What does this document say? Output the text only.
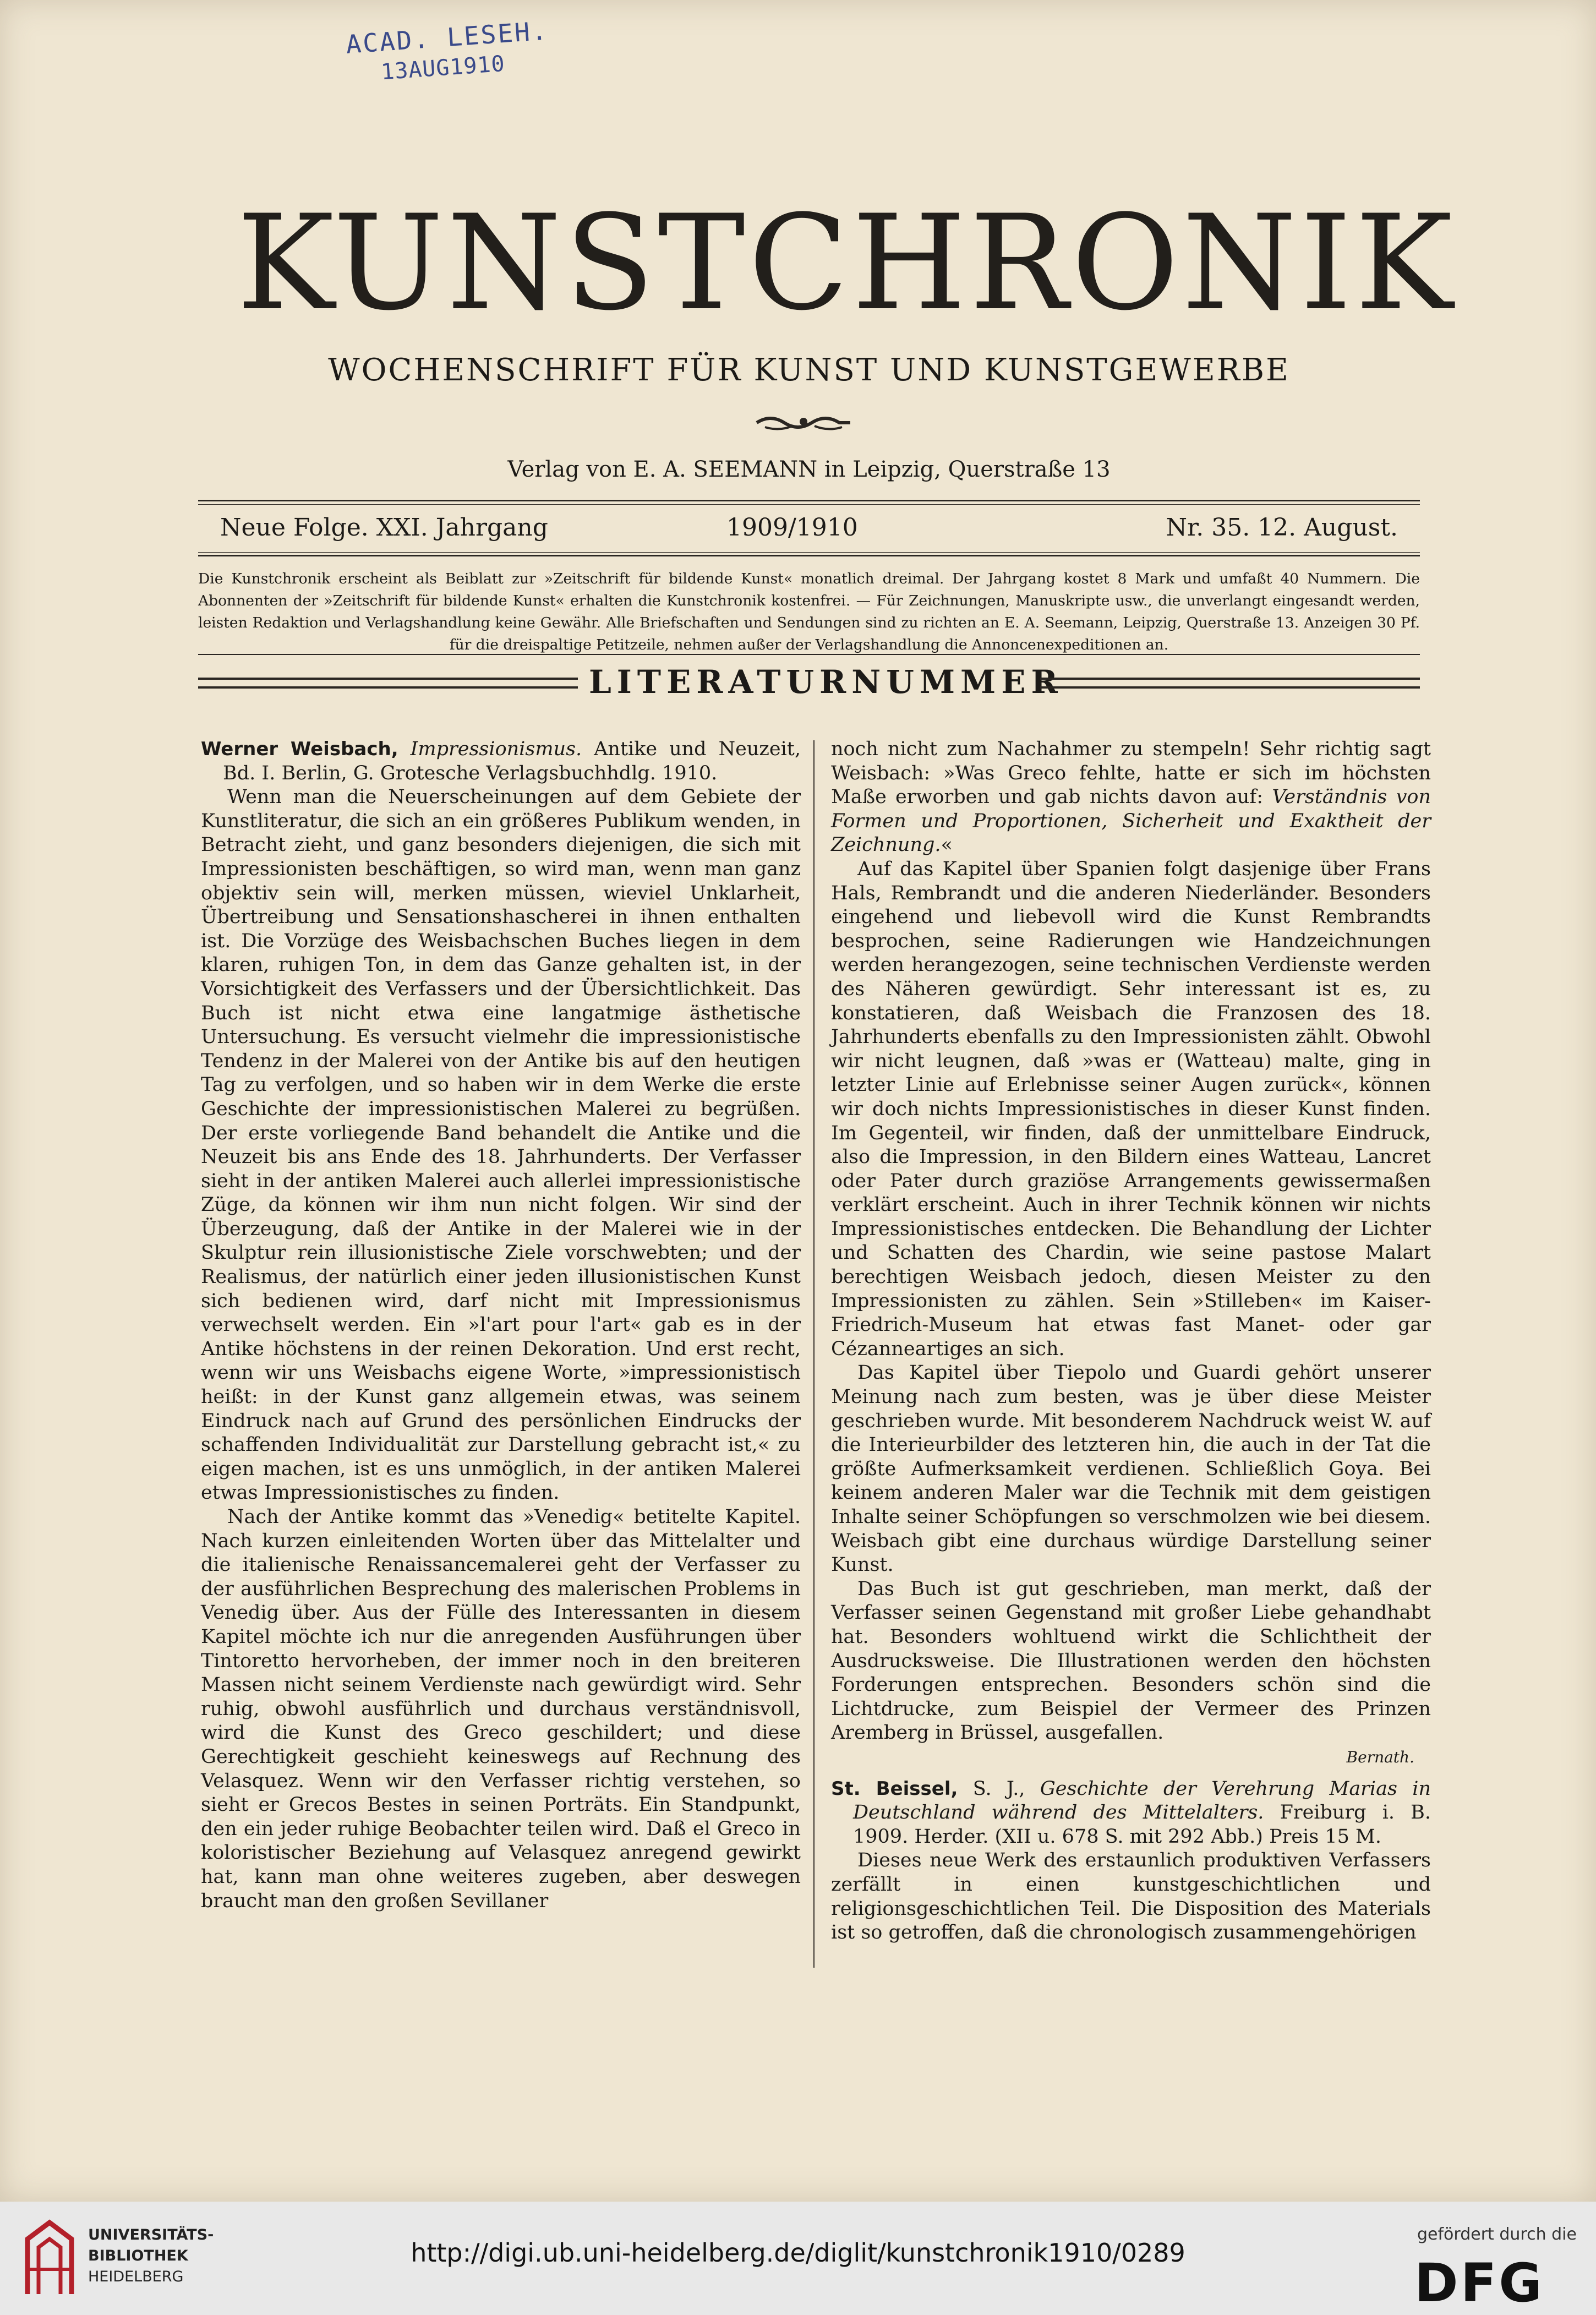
ACAD. LESEH.
13AUG1910
KUNSTCHRONIK
WOCHENSCHRIFT FÜR KUNST UND KUNSTGEWERBE
Verlag von E. A. SEEMANN in Leipzig, Querstraße 13
Neue Folge. XXI. Jahrgang	1909/1910	Nr. 35. 12. August.
Die Kunstchronik erscheint als Beiblatt zur »Zeitschrift für bildende Kunst« monatlich dreimal. Der Jahrgang kostet 8 Mark und umfaßt 40 Nummern. Die Abonnenten der »Zeitschrift für bildende Kunst« erhalten die Kunstchronik kostenfrei. — Für Zeichnungen, Manuskripte usw., die unverlangt eingesandt werden, leisten Redaktion und Verlagshandlung keine Gewähr. Alle Briefschaften und Sendungen sind zu richten an E. A. Seemann, Leipzig, Querstraße 13. Anzeigen 30 Pf. für die dreispaltige Petitzeile, nehmen außer der Verlagshandlung die Annoncenexpeditionen an.
LITERATURNUMMER

Werner Weisbach, Impressionismus. Antike und Neuzeit, Bd. I. Berlin, G. Grotesche Verlagsbuchhdlg. 1910.

Wenn man die Neuerscheinungen auf dem Gebiete der Kunstliteratur, die sich an ein größeres Publikum wenden, in Betracht zieht, und ganz besonders diejenigen, die sich mit Impressionisten beschäftigen, so wird man, wenn man ganz objektiv sein will, merken müssen, wieviel Unklarheit, Übertreibung und Sensationshascherei in ihnen enthalten ist. Die Vorzüge des Weisbachschen Buches liegen in dem klaren, ruhigen Ton, in dem das Ganze gehalten ist, in der Vorsichtigkeit des Verfassers und der Übersichtlichkeit. Das Buch ist nicht etwa eine langatmige ästhetische Untersuchung. Es versucht vielmehr die impressionistische Tendenz in der Malerei von der Antike bis auf den heutigen Tag zu verfolgen, und so haben wir in dem Werke die erste Geschichte der impressionistischen Malerei zu begrüßen. Der erste vorliegende Band behandelt die Antike und die Neuzeit bis ans Ende des 18. Jahrhunderts. Der Verfasser sieht in der antiken Malerei auch allerlei impressionistische Züge, da können wir ihm nun nicht folgen. Wir sind der Überzeugung, daß der Antike in der Malerei wie in der Skulptur rein illusionistische Ziele vorschwebten; und der Realismus, der natürlich einer jeden illusionistischen Kunst sich bedienen wird, darf nicht mit Impressionismus verwechselt werden. Ein »l'art pour l'art« gab es in der Antike höchstens in der reinen Dekoration. Und erst recht, wenn wir uns Weisbachs eigene Worte, »impressionistisch heißt: in der Kunst ganz allgemein etwas, was seinem Eindruck nach auf Grund des persönlichen Eindrucks der schaffenden Individualität zur Darstellung gebracht ist,« zu eigen machen, ist es uns unmöglich, in der antiken Malerei etwas Impressionistisches zu finden.

Nach der Antike kommt das »Venedig« betitelte Kapitel. Nach kurzen einleitenden Worten über das Mittelalter und die italienische Renaissancemalerei geht der Verfasser zu der ausführlichen Besprechung des malerischen Problems in Venedig über. Aus der Fülle des Interessanten in diesem Kapitel möchte ich nur die anregenden Ausführungen über Tintoretto hervorheben, der immer noch in den breiteren Massen nicht seinem Verdienste nach gewürdigt wird. Sehr ruhig, obwohl ausführlich und durchaus verständnisvoll, wird die Kunst des Greco geschildert; und diese Gerechtigkeit geschieht keineswegs auf Rechnung des Velasquez. Wenn wir den Verfasser richtig verstehen, so sieht er Grecos Bestes in seinen Porträts. Ein Standpunkt, den ein jeder ruhige Beobachter teilen wird. Daß el Greco in koloristischer Beziehung auf Velasquez anregend gewirkt hat, kann man ohne weiteres zugeben, aber deswegen braucht man den großen Sevillaner

noch nicht zum Nachahmer zu stempeln! Sehr richtig sagt Weisbach: »Was Greco fehlte, hatte er sich im höchsten Maße erworben und gab nichts davon auf: Verständnis von Formen und Proportionen, Sicherheit und Exaktheit der Zeichnung.«

Auf das Kapitel über Spanien folgt dasjenige über Frans Hals, Rembrandt und die anderen Niederländer. Besonders eingehend und liebevoll wird die Kunst Rembrandts besprochen, seine Radierungen wie Handzeichnungen werden herangezogen, seine technischen Verdienste werden des Näheren gewürdigt. Sehr interessant ist es, zu konstatieren, daß Weisbach die Franzosen des 18. Jahrhunderts ebenfalls zu den Impressionisten zählt. Obwohl wir nicht leugnen, daß »was er (Watteau) malte, ging in letzter Linie auf Erlebnisse seiner Augen zurück«, können wir doch nichts Impressionistisches in dieser Kunst finden. Im Gegenteil, wir finden, daß der unmittelbare Eindruck, also die Impression, in den Bildern eines Watteau, Lancret oder Pater durch graziöse Arrangements gewissermaßen verklärt erscheint. Auch in ihrer Technik können wir nichts Impressionistisches entdecken. Die Behandlung der Lichter und Schatten des Chardin, wie seine pastose Malart berechtigen Weisbach jedoch, diesen Meister zu den Impressionisten zu zählen. Sein »Stilleben« im Kaiser-Friedrich-Museum hat etwas fast Manet- oder gar Cézanneartiges an sich.

Das Kapitel über Tiepolo und Guardi gehört unserer Meinung nach zum besten, was je über diese Meister geschrieben wurde. Mit besonderem Nachdruck weist W. auf die Interieurbilder des letzteren hin, die auch in der Tat die größte Aufmerksamkeit verdienen. Schließlich Goya. Bei keinem anderen Maler war die Technik mit dem geistigen Inhalte seiner Schöpfungen so verschmolzen wie bei diesem. Weisbach gibt eine durchaus würdige Darstellung seiner Kunst.

Das Buch ist gut geschrieben, man merkt, daß der Verfasser seinen Gegenstand mit großer Liebe gehandhabt hat. Besonders wohltuend wirkt die Schlichtheit der Ausdrucksweise. Die Illustrationen werden den höchsten Forderungen entsprechen. Besonders schön sind die Lichtdrucke, zum Beispiel der Vermeer des Prinzen Aremberg in Brüssel, ausgefallen.
Bernath.

St. Beissel, S. J., Geschichte der Verehrung Marias in Deutschland während des Mittelalters. Freiburg i. B. 1909. Herder. (XII u. 678 S. mit 292 Abb.) Preis 15 M.

Dieses neue Werk des erstaunlich produktiven Verfassers zerfällt in einen kunstgeschichtlichen und religionsgeschichtlichen Teil. Die Disposition des Materials ist so getroffen, daß die chronologisch zusammengehörigen

UNIVERSITÄTS-
BIBLIOTHEK
HEIDELBERG
http://digi.ub.uni-heidelberg.de/diglit/kunstchronik1910/0289
gefördert durch die
DFG
